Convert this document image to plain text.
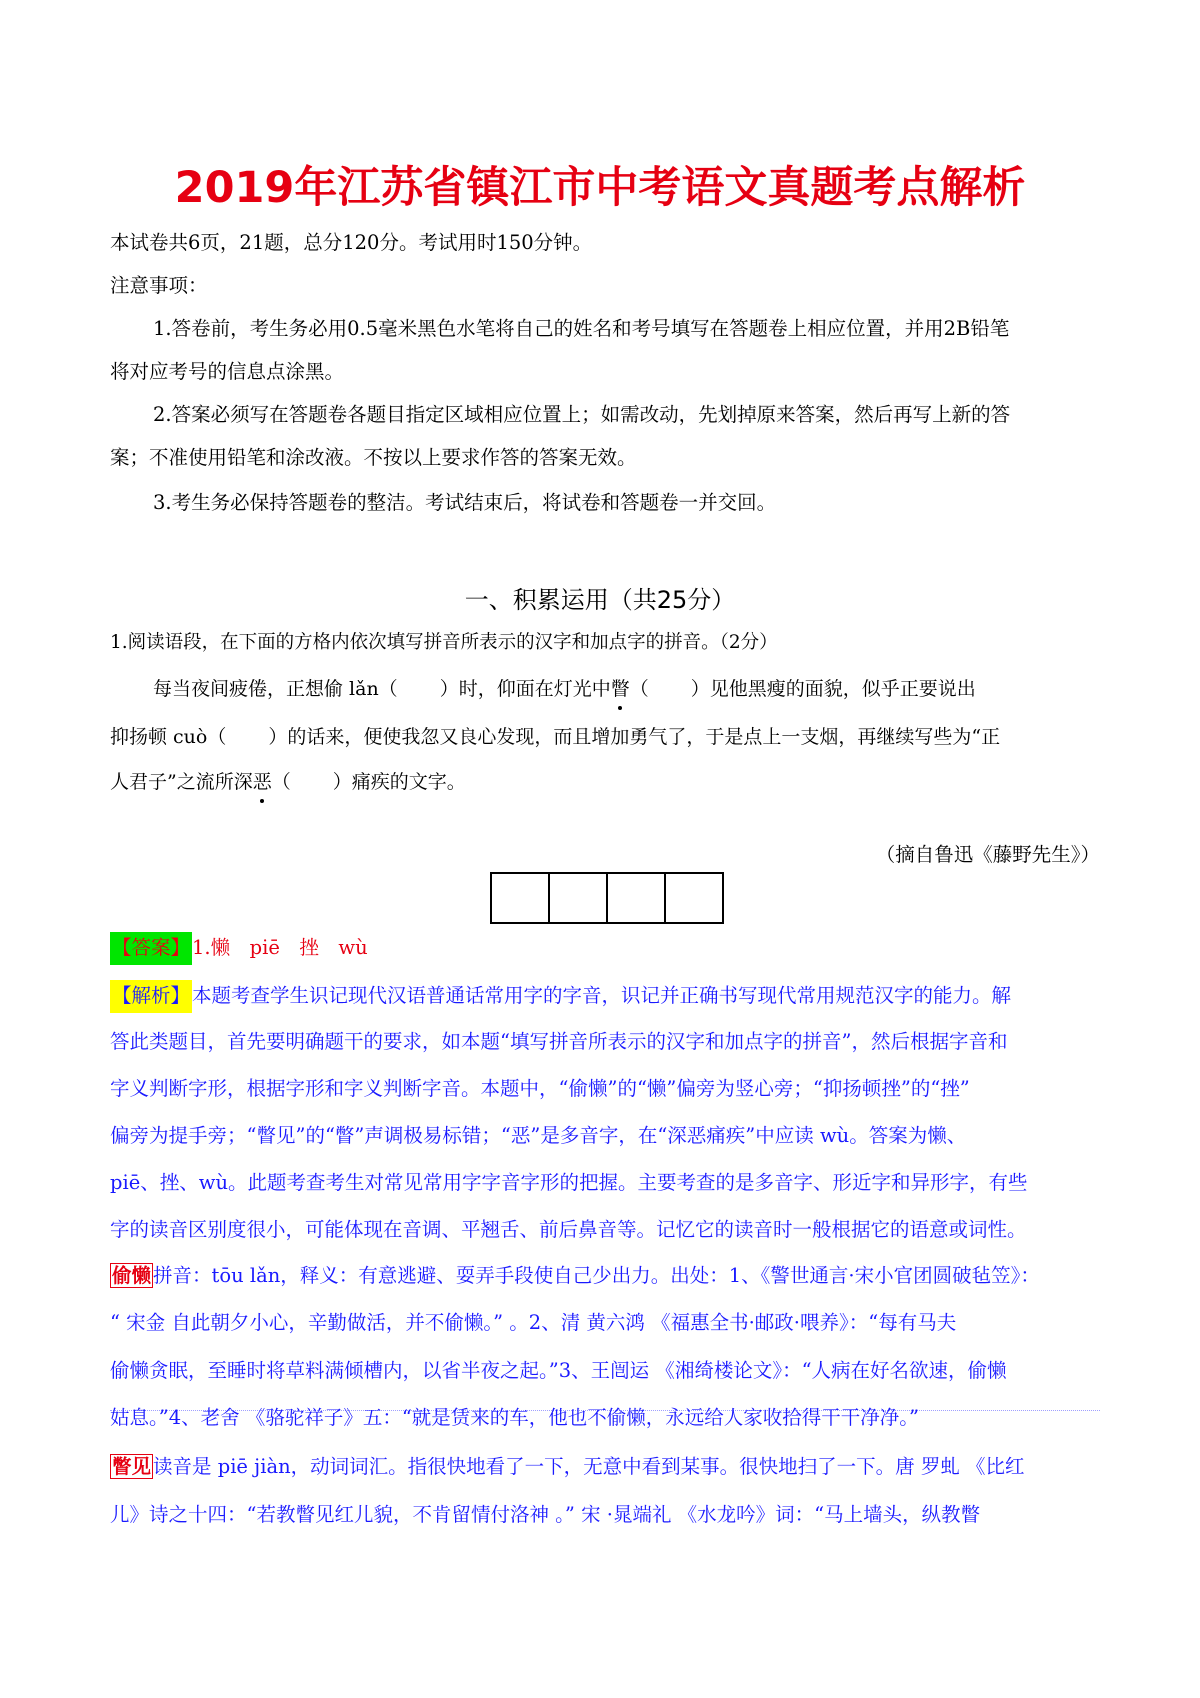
2019年江苏省镇江市中考语文真题考点解析
本试卷共6页，21题，总分120分。考试用时150分钟。
注意事项：
1.答卷前，考生务必用0.5毫米黑色水笔将自己的姓名和考号填写在答题卷上相应位置，并用2B铅笔
将对应考号的信息点涂黑。
2.答案必须写在答题卷各题目指定区域相应位置上；如需改动，先划掉原来答案，然后再写上新的答
案；不准使用铅笔和涂改液。不按以上要求作答的答案无效。
3.考生务必保持答题卷的整洁。考试结束后，将试卷和答题卷一并交回。
一、积累运用（共25分）
1.阅读语段，在下面的方格内依次填写拼音所表示的汉字和加点字的拼音。（2分）
每当夜间疲倦，正想偷 lǎn（ ）时，仰面在灯光中瞥（ ）见他黑瘦的面貌，似乎正要说出
抑扬顿 cuò（ ）的话来，便使我忽又良心发现，而且增加勇气了，于是点上一支烟，再继续写些为“正
人君子”之流所深恶（ ）痛疾的文字。
（摘自鲁迅《藤野先生》）
【答案】 1.懒　piē　挫　wù
【解析】 本题考查学生识记现代汉语普通话常用字的字音，识记并正确书写现代常用规范汉字的能力。解
答此类题目，首先要明确题干的要求，如本题“填写拼音所表示的汉字和加点字的拼音”，然后根据字音和
字义判断字形，根据字形和字义判断字音。本题中，“偷懒”的“懒”偏旁为竖心旁；“抑扬顿挫”的“挫”
偏旁为提手旁；“瞥见”的“瞥”声调极易标错；“恶”是多音字，在“深恶痛疾”中应读 wù。答案为懒、
piē、挫、wù。此题考查考生对常见常用字字音字形的把握。主要考查的是多音字、形近字和异形字，有些
字的读音区别度很小，可能体现在音调、平翘舌、前后鼻音等。记忆它的读音时一般根据它的语意或词性。
偷懒 拼音：tōu lǎn，释义：有意逃避、耍弄手段使自己少出力。出处：1、《警世通言·宋小官团圆破毡笠》：
“ 宋金 自此朝夕小心，辛勤做活，并不偷懒。” 。2、清 黄六鸿 《福惠全书·邮政·喂养》：“每有马夫
偷懒贪眠，至睡时将草料满倾槽内，以省半夜之起。”3、王闿运 《湘绮楼论文》：“人病在好名欲速，偷懒
姑息。”4、老舍 《骆驼祥子》五：“就是赁来的车，他也不偷懒，永远给人家收拾得干干净净。”
瞥见 读音是 piē jiàn，动词词汇。指很快地看了一下，无意中看到某事。很快地扫了一下。唐 罗虬 《比红
儿》诗之十四：“若教瞥见红儿貌，不肯留情付洛神 。” 宋 ·晁端礼 《水龙吟》词：“马上墙头，纵教瞥
